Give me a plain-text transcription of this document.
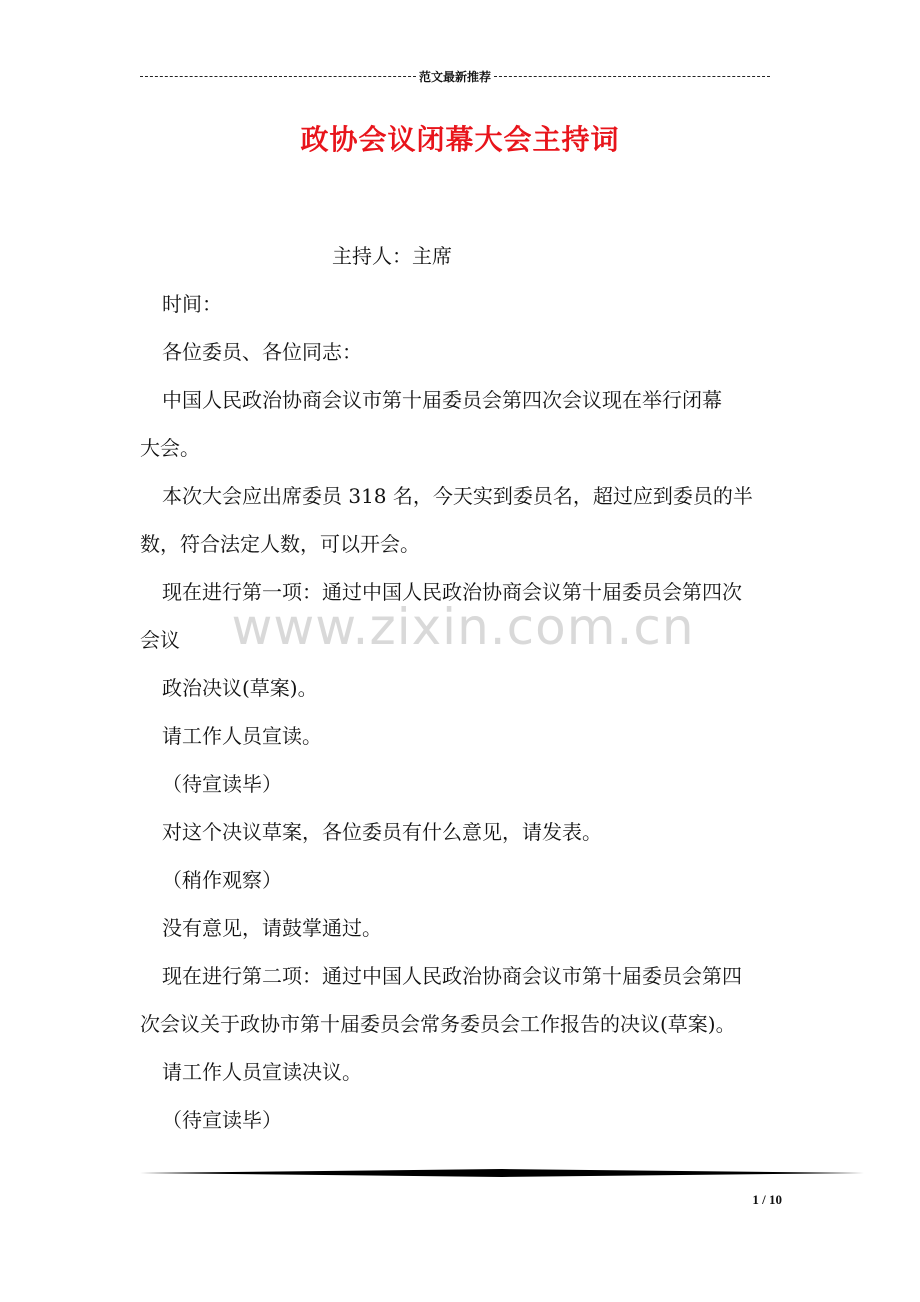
范文最新推荐
政协会议闭幕大会主持词
主持人：主席
时间：
各位委员、各位同志：
中国人民政治协商会议市第十届委员会第四次会议现在举行闭幕
大会。
本次大会应出席委员 318 名，今天实到委员名，超过应到委员的半
数，符合法定人数，可以开会。
现在进行第一项：通过中国人民政治协商会议第十届委员会第四次
会议
政治决议(草案)。
请工作人员宣读。
（待宣读毕）
对这个决议草案，各位委员有什么意见，请发表。
（稍作观察）
没有意见，请鼓掌通过。
现在进行第二项：通过中国人民政治协商会议市第十届委员会第四
次会议关于政协市第十届委员会常务委员会工作报告的决议(草案)。
请工作人员宣读决议。
（待宣读毕）
www.zixin.com.cn
1 / 10
